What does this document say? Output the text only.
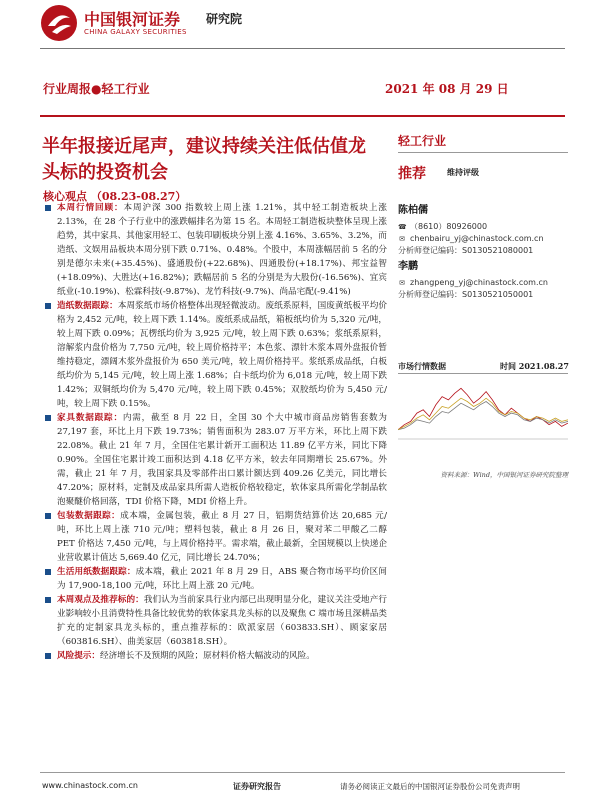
中国银河证券
CHINA GALAXY SECURITIES
研究院
行业周报●轻工行业	2021 年 08 月 29 日
半年报接近尾声，建议持续关注低估值龙头标的投资机会
核心观点 （08.23-08.27）

本周行情回顾：本周沪深 300 指数较上周上涨 1.21%，其中轻工制造板块上涨 2.13%，在 28 个子行业中的涨跌幅排名为第 15 名。本周轻工制造板块整体呈现上涨趋势，其中家具、其他家用轻工、包装印刷板块分别上涨 4.16%、3.65%、3.2%，而造纸、文娱用品板块本周分别下跌 0.71%、0.48%。个股中，本周涨幅居前 5 名的分别是德尔未来(+35.45%)、盛通股份(+22.68%)、四通股份(+18.17%)、邦宝益智(+18.09%)、大胜达(+16.82%)；跌幅居前 5 名的分别是为大股份(-16.56%)、宜宾纸业(-10.19%)、松霖科技(-9.87%)、龙竹科技(-9.7%)、尚品宅配(-9.41%)

造纸数据跟踪：本周浆纸市场价格整体出现轻微波动。废纸系原料，国废黄纸板平均价格为 2,452 元/吨，较上周下跌 1.14%。废纸系成品纸，箱板纸均价为 5,320 元/吨，较上周下跌 0.09%；瓦楞纸均价为 3,925 元/吨，较上周下跌 0.63%；浆纸系原料，溶解浆内盘价格为 7,750 元/吨，较上周价格持平；本色浆、漂针木浆本周外盘报价暂维持稳定，漂阔木浆外盘报价为 650 美元/吨，较上周价格持平。浆纸系成品纸，白板纸均价为 5,145 元/吨，较上周上涨 1.68%；白卡纸均价为 6,018 元/吨，较上周下跌 1.42%；双铜纸均价为 5,470 元/吨，较上周下跌 0.45%；双胶纸均价为 5,450 元/吨，较上周下跌 0.15%。

家具数据跟踪：内需，截至 8 月 22 日，全国 30 个大中城市商品房销售套数为 27,197 套，环比上月下跌 19.73%；销售面积为 283.07 万平方米，环比上周下跌 22.08%。截止 21 年 7 月，全国住宅累计新开工面积达 11.89 亿平方米，同比下降 0.90%。全国住宅累计竣工面积达到 4.18 亿平方米，较去年同期增长 25.67%。外需，截止 21 年 7 月，我国家具及零部件出口累计额达到 409.26 亿美元，同比增长 47.20%；原材料，定制及成品家具所需人造板价格较稳定，软体家具所需化学制品软泡聚醚价格回落，TDI 价格下降，MDI 价格上升。

包装数据跟踪：成本端，金属包装，截止 8 月 27 日，铝期货结算价达 20,685 元/吨，环比上周上涨 710 元/吨；塑料包装，截止 8 月 26 日，聚对苯二甲酸乙二醇 PET 价格达 7,450 元/吨，与上周价格持平。需求端，截止最新，全国规模以上快递企业营收累计值达 5,669.40 亿元，同比增长 24.70%；

生活用纸数据跟踪：成本端，截止 2021 年 8 月 29 日，ABS 聚合物市场平均价区间为 17,900-18,100 元/吨，环比上周上涨 20 元/吨。

本周观点及推荐标的：我们认为当前家具行业内部已出现明显分化，建议关注受地产行业影响较小且消费特性具备比较优势的软体家具龙头标的以及聚焦 C 端市场且深耕品类扩充的定制家具龙头标的，重点推荐标的：欧派家居（603833.SH）、顾家家居（603816.SH）、曲美家居（603818.SH）。

风险提示：经济增长不及预期的风险；原材料价格大幅波动的风险。

轻工行业
推荐	维持评级
陈柏儒
☎ （8610）80926000
✉ chenbairu_yj@chinastock.com.cn
分析师登记编码：S0130521080001
李鹏
✉ zhangpeng_yj@chinastock.com.cn
分析师登记编码：S0130521050001
市场行情数据	时间 2021.08.27
资料来源：Wind，中国银河证券研究院整理
www.chinastock.com.cn	证券研究报告	请务必阅读正文最后的中国银河证券股份公司免责声明
